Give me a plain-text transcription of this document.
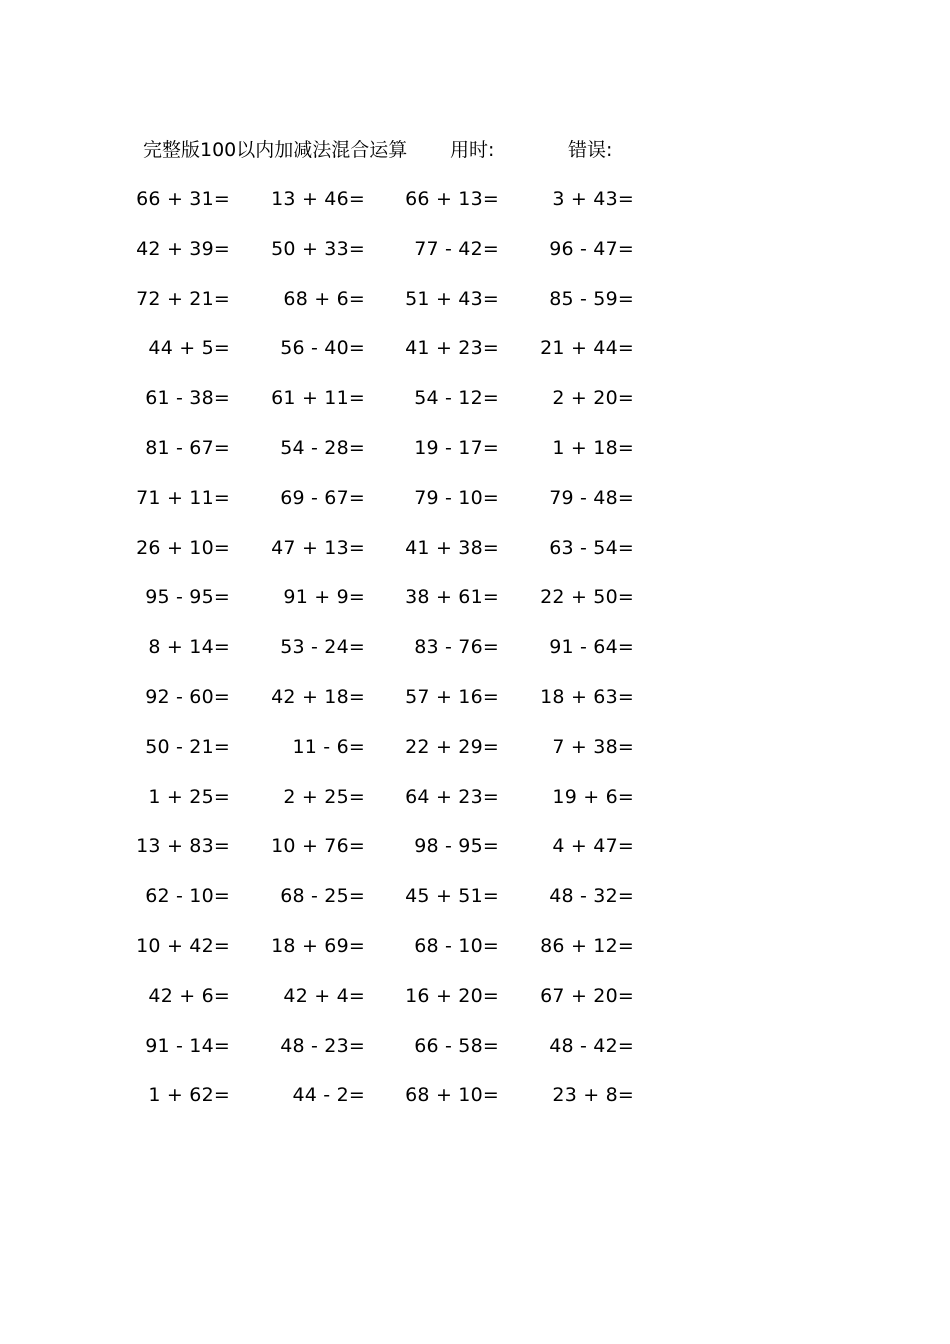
完整版100以内加减法混合运算 用时:	错误:
66 + 31= 13 + 46= 66 + 13=	3 + 43=
42 + 39= 50 + 33=	77 - 42=	96 - 47=
72 + 21=	68 + 6= 51 + 43=	85 - 59=
44 + 5=	56 - 40= 41 + 23= 21 + 44=
61 - 38= 61 + 11=	54 - 12=	2 + 20=
81 - 67=	54 - 28=	19 - 17=	1 + 18=
71 + 11=	69 - 67=	79 - 10=	79 - 48=
26 + 10= 47 + 13= 41 + 38=	63 - 54=
95 - 95=	91 + 9= 38 + 61= 22 + 50=
8 + 14=	53 - 24=	83 - 76=	91 - 64=
92 - 60= 42 + 18= 57 + 16= 18 + 63=
50 - 21=	11 - 6= 22 + 29=	7 + 38=
1 + 25=	2 + 25= 64 + 23=	19 + 6=
13 + 83= 10 + 76=	98 - 95=	4 + 47=
62 - 10=	68 - 25= 45 + 51=	48 - 32=
10 + 42= 18 + 69=	68 - 10= 86 + 12=
42 + 6=	42 + 4= 16 + 20= 67 + 20=
91 - 14=	48 - 23=	66 - 58=	48 - 42=
1 + 62=	44 - 2= 68 + 10=	23 + 8=
